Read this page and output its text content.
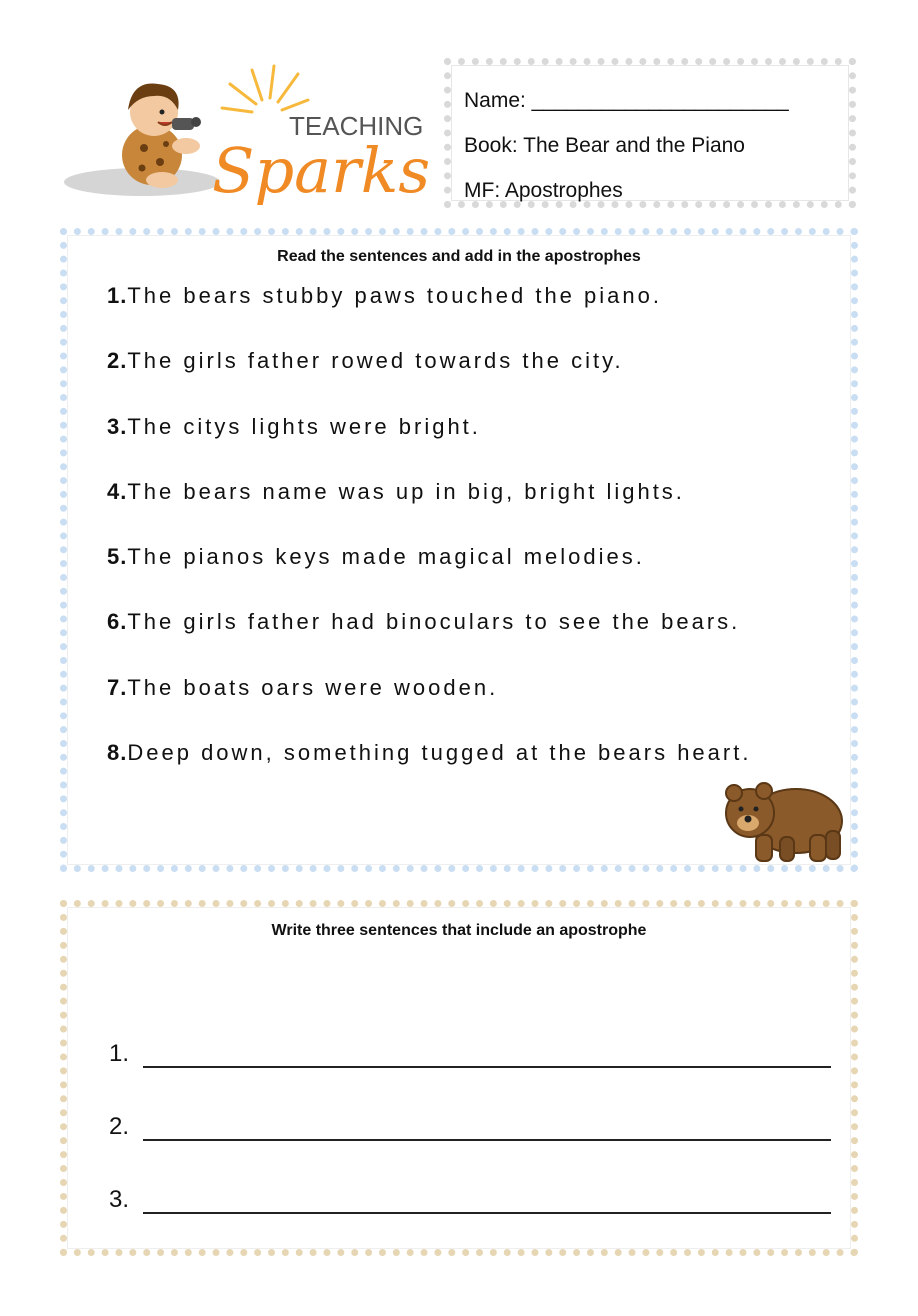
TEACHING
Sparks
Name: ______________________
Book: The Bear and the Piano
MF: Apostrophes
Read the sentences and add in the apostrophes
1.The bears stubby paws touched the piano.
2.The girls father rowed towards the city.
3.The citys lights were bright.
4.The bears name was up in big, bright lights.
5.The pianos keys made magical melodies.
6.The girls father had binoculars to see the bears.
7.The boats oars were wooden.
8.Deep down, something tugged at the bears heart.
Write three sentences that include an apostrophe
1.
2.
3.
